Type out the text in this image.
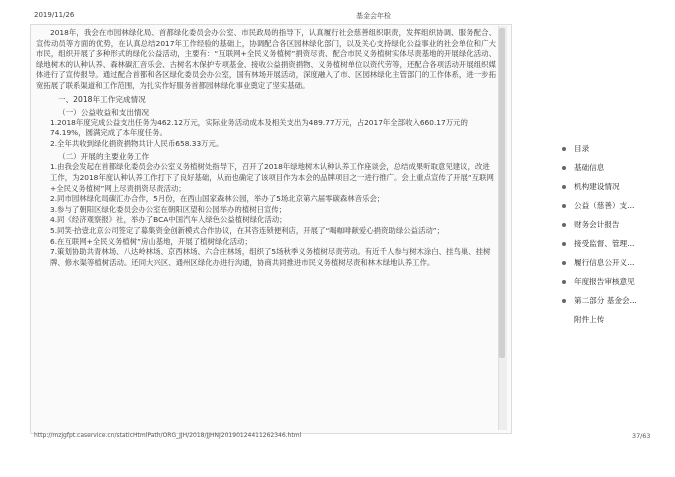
2019/11/26	基金会年检

2018年，我会在市园林绿化局、首都绿化委员会办公室、市民政局的指导下，认真履行社会慈善组织职责，发挥组织协调、服务配合、宣传动员等方面的优势，在认真总结2017年工作经验的基础上，协调配合各区园林绿化部门，以及关心支持绿化公益事业的社会单位和广大市民，组织开展了多种形式的绿化公益活动，主要有：“互联网+全民义务植树”捐资尽责、配合市民义务植树实体尽责基地的开展绿化活动、绿地树木的认种认养、森林碳汇音乐会、古树名木保护专项基金、接收公益捐资捐物、义务植树单位以资代劳等，还配合各项活动开展组织媒体进行了宣传报导。通过配合首都和各区绿化委员会办公室，国有林场开展活动，深度融入了市、区园林绿化主管部门的工作体系，进一步拓宽拓展了联系渠道和工作范围，为扎实作好服务首都园林绿化事业奠定了坚实基础。

一、2018年工作完成情况

（一）公益收益和支出情况

1.2018年度完成公益支出任务为462.12万元，实际业务活动成本及相关支出为489.77万元，占2017年全部收入660.17万元的74.19%，圆满完成了本年度任务。

2.全年共收到绿化捐资捐物共计人民币658.33万元。

（二）开展的主要业务工作

1.由我会发起在首都绿化委员会办公室义务植树处指导下，召开了2018年绿地树木认种认养工作座谈会，总结成果听取意见建议，改进工作，为2018年度认种认养工作打下了良好基础，从而也确定了该项目作为本会的品牌项目之一进行推广。会上重点宣传了开展“互联网+全民义务植树”网上尽责捐资尽责活动；

2.同市园林绿化局碳汇办合作，5月份，在西山国家森林公园，举办了5场北京第六届零碳森林音乐会；

3.参与了朝阳区绿化委员会办公室在朝阳区望和公园举办的植树日宣传；

4.同《经济观察报》社，举办了BCA中国汽车人绿色公益植树绿化活动；

5.同笑·拾壹北京公司签定了募集资金创新模式合作协议，在其咨连锁便利店，开展了“喝咖啡献爱心捐资助绿公益活动”；

6.在互联网+全民义务植树”房山基地，开展了植树绿化活动；

7.策划协助共青林场、八达岭林场、京西林场、六合庄林场，组织了5场秋季义务植树尽责劳动。有近千人参与树木涂白、挂鸟巢、挂树牌、修水渠等植树活动。还同大兴区、通州区绿化办进行沟通，协商共同推进市民义务植树尽责和林木绿地认养工作。

目录
基础信息
机构建设情况
公益（慈善）支...
财务会计报告
接受监督、管理...
履行信息公开义...
年度报告审核意见
第二部分 基金会...
附件上传
http://mzjgfpt.caservice.cn/staticHtmlPath/ORG_JJH/2018/JJHNJ20190124411262346.html	37/63
